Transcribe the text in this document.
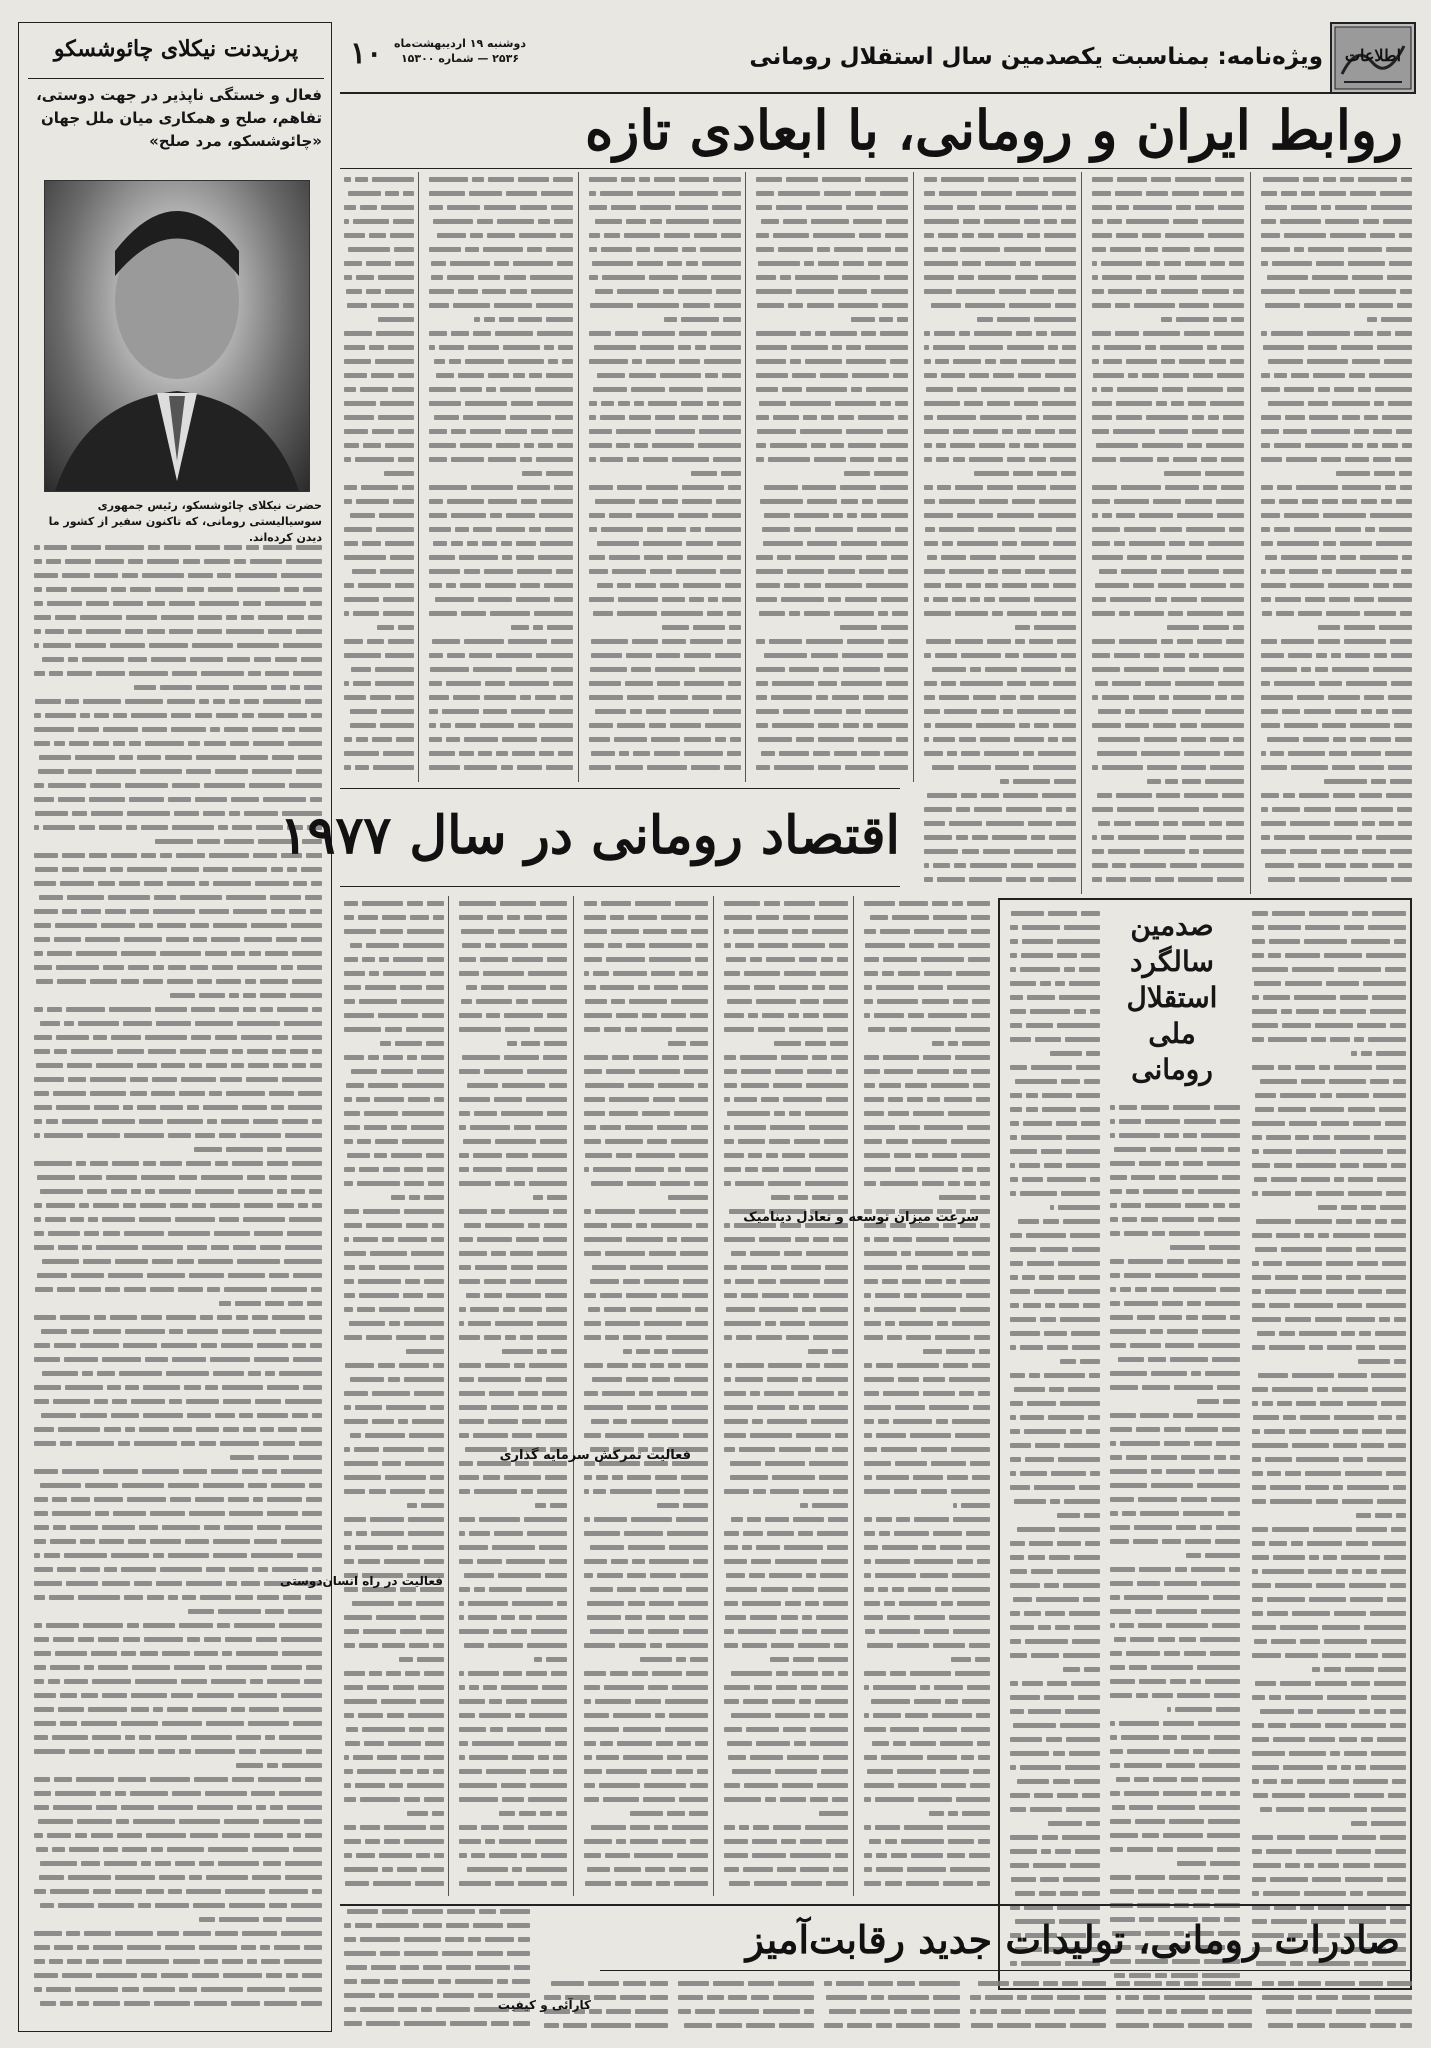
اطلاعات
ویژه‌نامه: بمناسبت یکصدمین سال استقلال رومانی
دوشنبه ۱۹ اردیبهشت‌ماه
۲۵۳۶ — شماره ۱۵۳۰۰
۱۰
روابط ایران و رومانی، با ابعادی تازه
پرزیدنت نیکلای چائوشسکو
فعال و خستگی ناپذیر در جهت دوستی، تفاهم، صلح و همکاری میان ملل جهان «چائوشسکو، مرد صلح»
حضرت نیکلای چائوشسکو، رئیس جمهوری سوسیالیستی رومانی، که تاکنون سفیر از کشور ما دیدن کرده‌اند.
اقتصاد رومانی در سال ۱۹۷۷
صدمین
سالگرد
استقلال
ملی
رومانی
سرعت میزان توسعه و تعادل دینامیک
فعالیت تمرکش سرمایه گذاری
فعالیت در راه انسان‌دوستی
صادرات رومانی، تولیدات جدید رقابت‌آمیز
کارآئی و کیفیت
